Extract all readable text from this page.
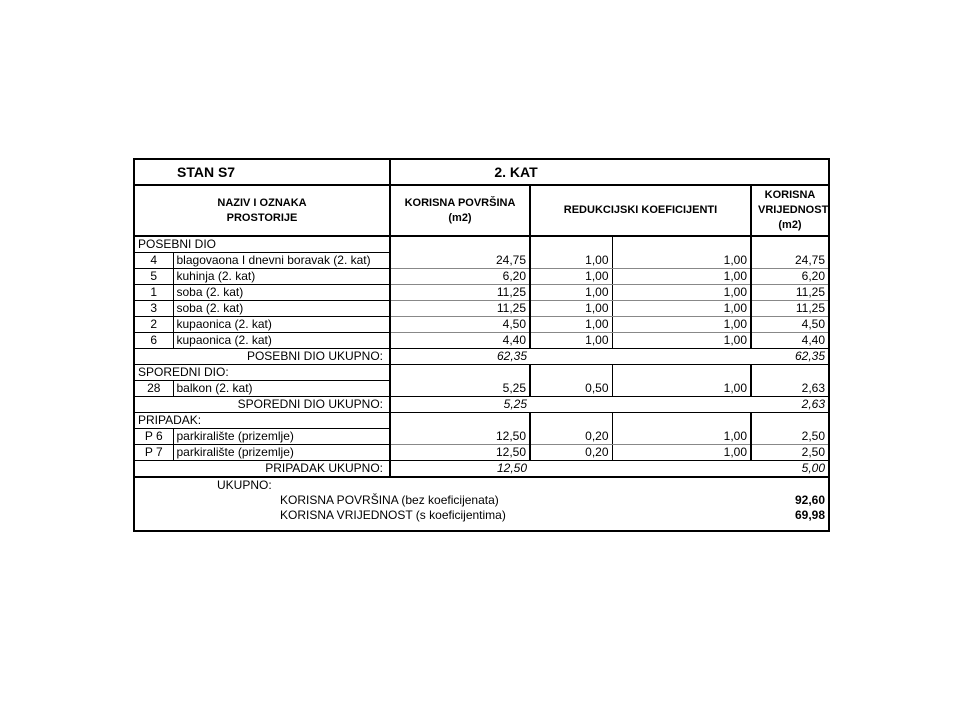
STAN S7		2. KAT			
NAZIV I OZNAKA PROSTORIJE		KORISNA POVRŠINA (m2)	REDUKCIJSKI KOEFICIJENTI		KORISNA VRIJEDNOST (m2)
POSEBNI DIO					
4	blagovaona I dnevni boravak (2. kat)	24,75	1,00	1,00	24,75
5	kuhinja (2. kat)	6,20	1,00	1,00	6,20
1	soba (2. kat)	11,25	1,00	1,00	11,25
3	soba (2. kat)	11,25	1,00	1,00	11,25
2	kupaonica (2. kat)	4,50	1,00	1,00	4,50
6	kupaonica (2. kat)	4,40	1,00	1,00	4,40
POSEBNI DIO UKUPNO:		62,35			62,35
SPOREDNI DIO:					
28	balkon (2. kat)	5,25	0,50	1,00	2,63
SPOREDNI DIO UKUPNO:		5,25			2,63
PRIPADAK:					
P 6	parkiralište (prizemlje)	12,50	0,20	1,00	2,50
P 7	parkiralište (prizemlje)	12,50	0,20	1,00	2,50
PRIPADAK UKUPNO:		12,50			5,00
UKUPNO:					
KORISNA POVRŠINA (bez koeficijenata)					92,60
KORISNA VRIJEDNOST (s koeficijentima)					69,98
